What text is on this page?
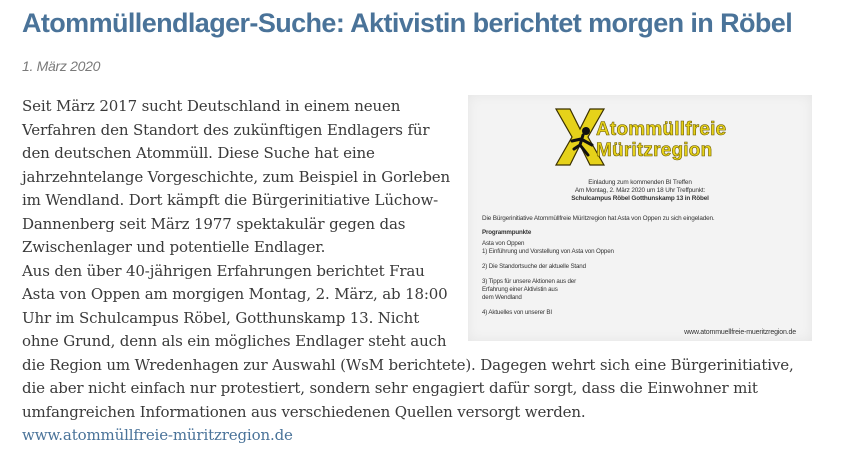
Atommüllendlager-Suche: Aktivistin berichtet morgen in Röbel
1. März 2020
Atommüllfreie
Müritzregion
Einladung zum kommenden BI Treffen
Am Montag, 2. März 2020 um 18 Uhr Treffpunkt:
Schulcampus Röbel Gotthunskamp 13 in Röbel
Die Bürgerinitiative Atommüllfreie Müritzregion hat Asta von Oppen zu sich eingeladen.
Programmpunkte
Asta von Oppen
1) Einführung und Vorstellung von Asta von Oppen
2) Die Standortsuche der aktuelle Stand
3) Tipps für unsere Aktionen aus der
Erfahrung einer Aktivistin aus
dem Wendland
4) Aktuelles von unserer BI
www.atommuellfreie-mueritzregion.de

Seit März 2017 sucht Deutschland in einem neuen Verfahren den Standort des zukünftigen Endlagers für den deutschen Atommüll. Diese Suche hat eine jahrzehntelange Vorgeschichte, zum Beispiel in Gorleben im Wendland. Dort kämpft die Bürgerinitiative Lüchow-Dannenberg seit März 1977 spektakulär gegen das Zwischenlager und potentielle Endlager.

Aus den über 40-jährigen Erfahrungen berichtet Frau Asta von Oppen am morgigen Montag, 2. März, ab 18:00 Uhr im Schulcampus Röbel, Gotthunskamp 13. Nicht ohne Grund, denn als ein mögliches Endlager steht auch die Region um Wredenhagen zur Auswahl (WsM berichtete). Dagegen wehrt sich eine Bürgerinitiative, die aber nicht einfach nur protestiert, sondern sehr engagiert dafür sorgt, dass die Einwohner mit umfangreichen Informationen aus verschiedenen Quellen versorgt werden.

www.atommüllfreie-müritzregion.de
